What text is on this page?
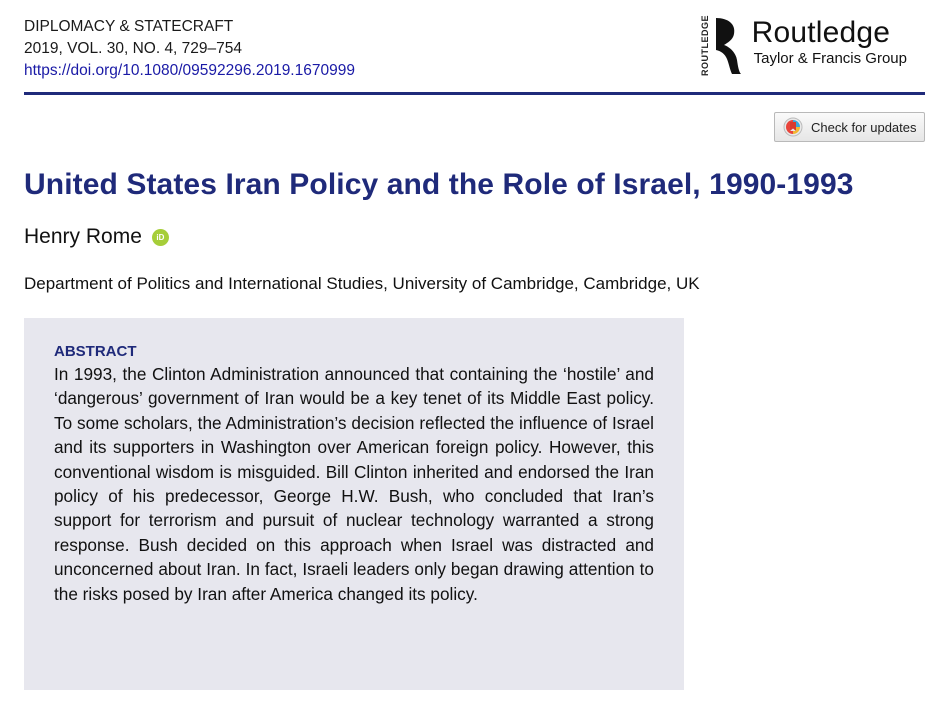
DIPLOMACY & STATECRAFT
2019, VOL. 30, NO. 4, 729–754
https://doi.org/10.1080/09592296.2019.1670999	ROUTLEDGE Routledge
Taylor & Francis Group
Check for updates
United States Iran Policy and the Role of Israel, 1990-1993
Henry Rome	iD
Department of Politics and International Studies, University of Cambridge, Cambridge, UK
ABSTRACT

In 1993, the Clinton Administration announced that containing the ‘hostile’ and ‘dangerous’ government of Iran would be a key tenet of its Middle East policy. To some scholars, the Administration’s decision reflected the influence of Israel and its supporters in Washington over American foreign policy. However, this conventional wisdom is misguided. Bill Clinton inherited and endorsed the Iran policy of his predecessor, George H.W. Bush, who concluded that Iran’s support for terrorism and pursuit of nuclear technology warranted a strong response. Bush decided on this approach when Israel was distracted and unconcerned about Iran. In fact, Israeli leaders only began drawing attention to the risks posed by Iran after America changed its policy.
